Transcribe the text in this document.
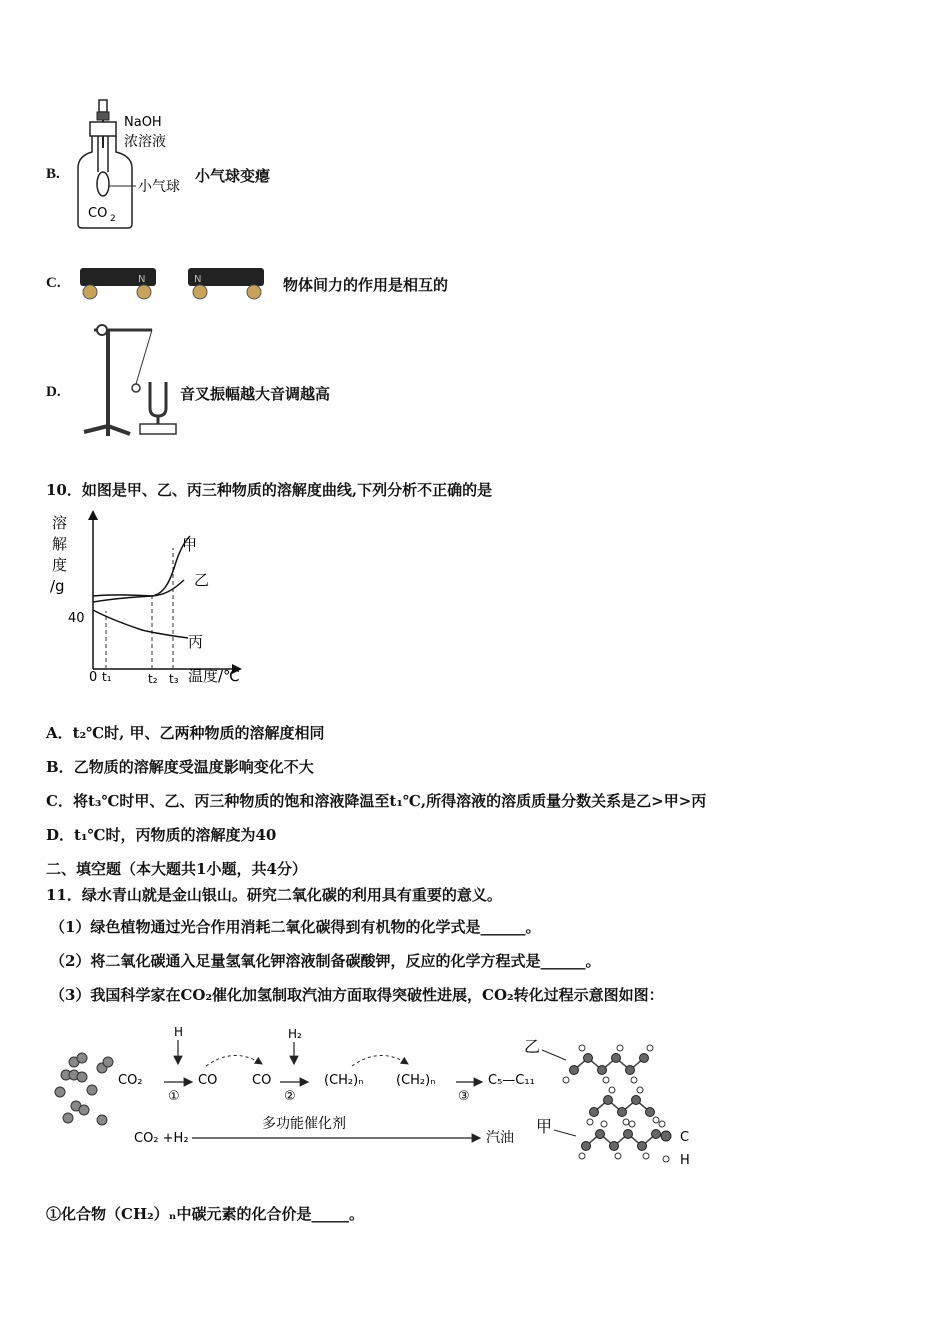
B.
NaOH
浓溶液
小气球
CO 2
小气球变瘪
C.	N	N	物体间力的作用是相互的
D.	音叉振幅越大音调越高
10．如图是甲、乙、丙三种物质的溶解度曲线,下列分析不正确的是
溶 解 度 /g
甲
乙
丙
40
0 t₁	t₂ t₃ 温度/℃
A．t₂℃时, 甲、乙两种物质的溶解度相同
B．乙物质的溶解度受温度影响变化不大
C．将t₃℃时甲、乙、丙三种物质的饱和溶液降温至t₁℃,所得溶液的溶质质量分数关系是乙>甲>丙
D．t₁℃时，丙物质的溶解度为40
二、填空题（本大题共1小题，共4分）
11．绿水青山就是金山银山。研究二氧化碳的利用具有重要的意义。
（1）绿色植物通过光合作用消耗二氧化碳得到有机物的化学式是______。
（2）将二氧化碳通入足量氢氧化钾溶液制备碳酸钾，反应的化学方程式是______。
（3）我国科学家在CO₂催化加氢制取汽油方面取得突破性进展，CO₂转化过程示意图如图：
CO₂
H
①
CO	CO
H₂
②
(CH₂)ₙ	(CH₂)ₙ
③
C₅—C₁₁
CO₂ +H₂
多功能催化剂
汽油
乙
甲
C
H
①化合物（CH₂）ₙ中碳元素的化合价是_____。
